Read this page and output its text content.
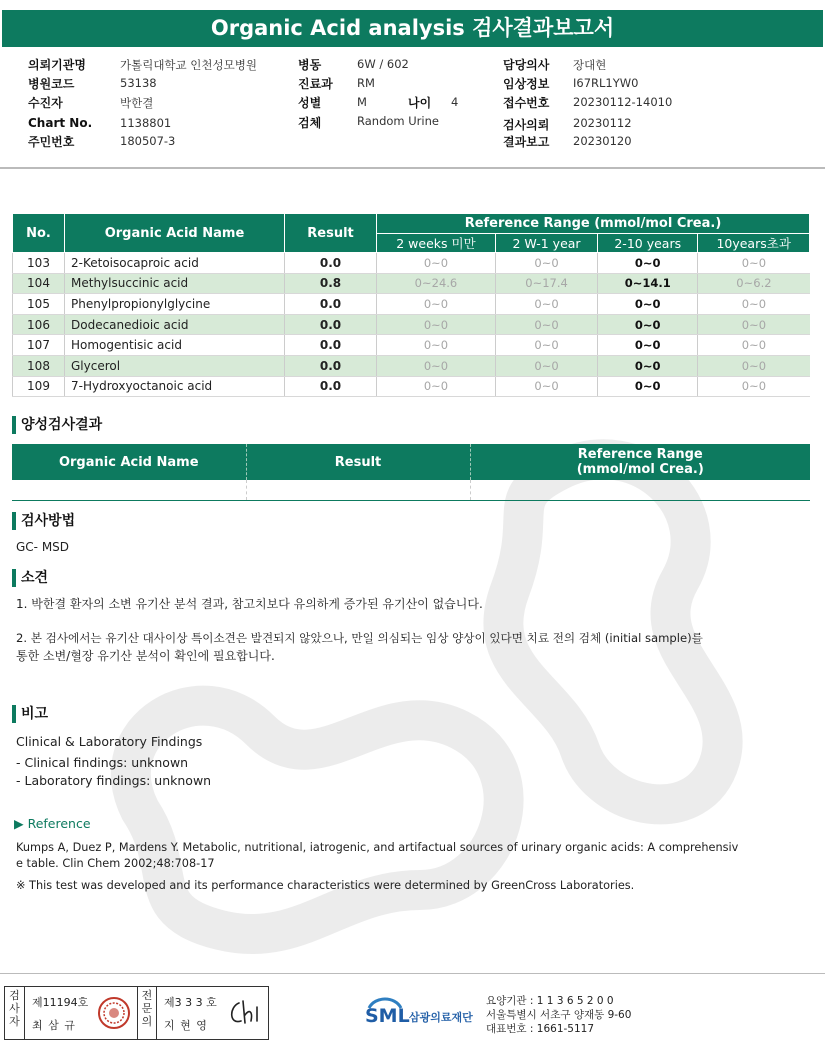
Organic Acid analysis 검사결과보고서
의뢰기관명	가톨릭대학교 인천성모병원
병원코드	53138
수진자	박한결
Chart No. 1138801
주민번호	180507-3
병동	6W / 602
진료과 RM
성별	M	나이 4
검체	Random Urine
담당의사 장대현
임상정보 I67RL1YW0
접수번호 20230112-14010
검사의뢰 20230112
결과보고 20230120
No.	Organic Acid Name	Result	Reference Range (mmol/mol Crea.)			
			2 weeks 미만	2 W-1 year	2-10 years	10years초과
103	2-Ketoisocaproic acid	0.0	0~0	0~0	0~0	0~0
104	Methylsuccinic acid	0.8	0~24.6	0~17.4	0~14.1	0~6.2
105	Phenylpropionylglycine	0.0	0~0	0~0	0~0	0~0
106	Dodecanedioic acid	0.0	0~0	0~0	0~0	0~0
107	Homogentisic acid	0.0	0~0	0~0	0~0	0~0
108	Glycerol	0.0	0~0	0~0	0~0	0~0
109	7-Hydroxyoctanoic acid	0.0	0~0	0~0	0~0	0~0
양성검사결과
Organic Acid Name	Result	Reference Range
(mmol/mol Crea.)

검사방법
GC- MSD
소견
1. 박한결 환자의 소변 유기산 분석 결과, 참고치보다 유의하게 증가된 유기산이 없습니다.
2. 본 검사에서는 유기산 대사이상 특이소견은 발견되지 않았으나, 만일 의심되는 임상 양상이 있다면 치료 전의 검체 (initial sample)를
통한 소변/혈장 유기산 분석이 확인에 필요합니다.
비고
Clinical & Laboratory Findings
- Clinical findings: unknown
- Laboratory findings: unknown
▶ Reference
Kumps A, Duez P, Mardens Y. Metabolic, nutritional, iatrogenic, and artifactual sources of urinary organic acids: A comprehensiv
e table. Clin Chem 2002;48:708-17
※ This test was developed and its performance characteristics were determined by GreenCross Laboratories.
검사자
제11194호
최 삼 규
전문의
제3 3 3 호
지 현 영	SML 삼광의료재단
요양기관 : 1 1 3 6 5 2 0 0
서울특별시 서초구 양재동 9-60
대표번호 : 1661-5117
